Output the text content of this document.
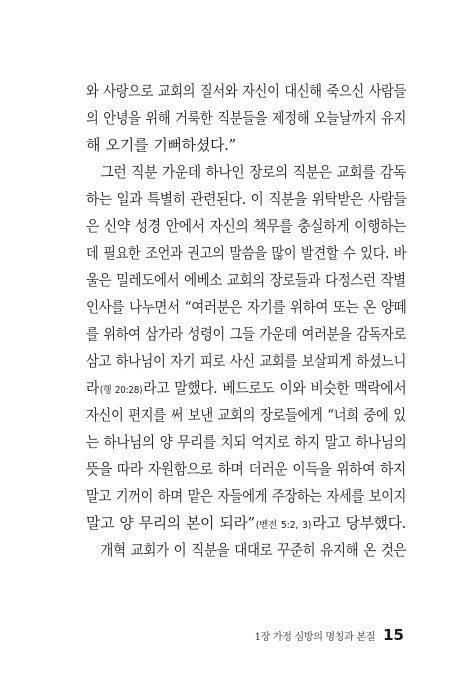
와 사랑으로 교회의 질서와 자신이 대신해 죽으신 사람들
의 안녕을 위해 거룩한 직분들을 제정해 오늘날까지 유지
해 오기를 기뻐하셨다.”
그런 직분 가운데 하나인 장로의 직분은 교회를 감독
하는 일과 특별히 관련된다. 이 직분을 위탁받은 사람들
은 신약 성경 안에서 자신의 책무를 충실하게 이행하는
데 필요한 조언과 권고의 말씀을 많이 발견할 수 있다. 바
울은 밀레도에서 에베소 교회의 장로들과 다정스런 작별
인사를 나누면서 “여러분은 자기를 위하여 또는 온 양떼
를 위하여 삼가라 성령이 그들 가운데 여러분을 감독자로
삼고 하나님이 자기 피로 사신 교회를 보살피게 하셨느니
라(행 20:28)라고 말했다. 베드로도 이와 비슷한 맥락에서
자신이 편지를 써 보낸 교회의 장로들에게 “너희 중에 있
는 하나님의 양 무리를 치되 억지로 하지 말고 하나님의
뜻을 따라 자원함으로 하며 더러운 이득을 위하여 하지
말고 기꺼이 하며 맡은 자들에게 주장하는 자세를 보이지
말고 양 무리의 본이 되라”(벧전 5:2, 3)라고 당부했다.
개혁 교회가 이 직분을 대대로 꾸준히 유지해 온 것은
1장 가정 심방의 명칭과 본질 15
